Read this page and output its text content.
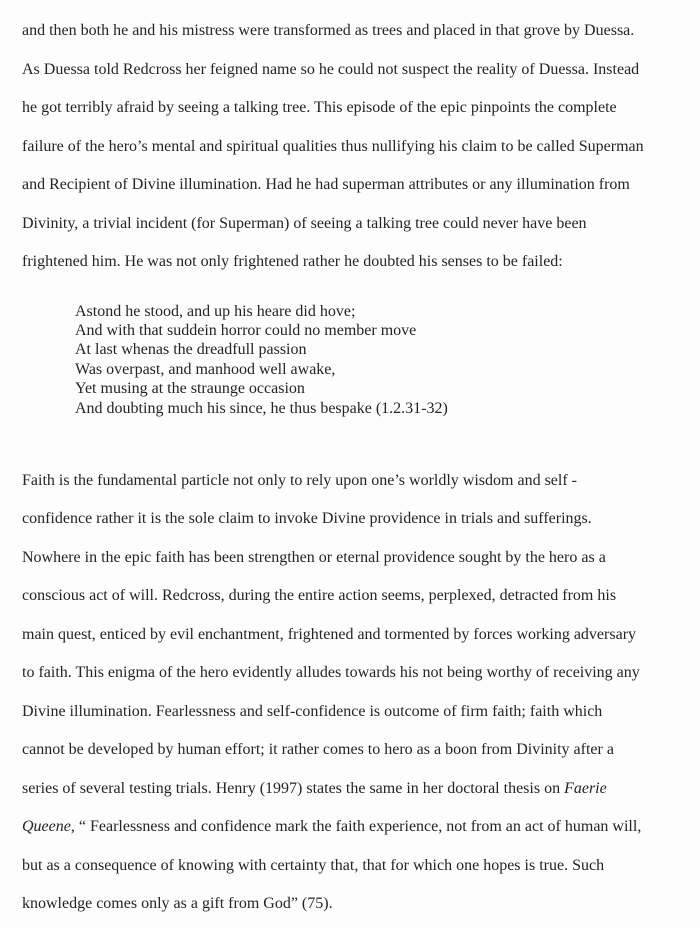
and then both he and his mistress were transformed as trees and placed in that grove by Duessa.
As Duessa told Redcross her feigned name so he could not suspect the reality of Duessa. Instead
he got terribly afraid by seeing a talking tree. This episode of the epic pinpoints the complete
failure of the hero’s mental and spiritual qualities thus nullifying his claim to be called Superman
and Recipient of Divine illumination. Had he had superman attributes or any illumination from
Divinity, a trivial incident (for Superman) of seeing a talking tree could never have been
frightened him. He was not only frightened rather he doubted his senses to be failed:
Astond he stood, and up his heare did hove;
And with that suddein horror could no member move
At last whenas the dreadfull passion
Was overpast, and manhood well awake,
Yet musing at the straunge occasion
And doubting much his since, he thus bespake (1.2.31-32)
Faith is the fundamental particle not only to rely upon one’s worldly wisdom and self -
confidence rather it is the sole claim to invoke Divine providence in trials and sufferings.
Nowhere in the epic faith has been strengthen or eternal providence sought by the hero as a
conscious act of will. Redcross, during the entire action seems, perplexed, detracted from his
main quest, enticed by evil enchantment, frightened and tormented by forces working adversary
to faith. This enigma of the hero evidently alludes towards his not being worthy of receiving any
Divine illumination. Fearlessness and self-confidence is outcome of firm faith; faith which
cannot be developed by human effort; it rather comes to hero as a boon from Divinity after a
series of several testing trials. Henry (1997) states the same in her doctoral thesis on Faerie
Queene, “ Fearlessness and confidence mark the faith experience, not from an act of human will,
but as a consequence of knowing with certainty that, that for which one hopes is true. Such
knowledge comes only as a gift from God” (75).
